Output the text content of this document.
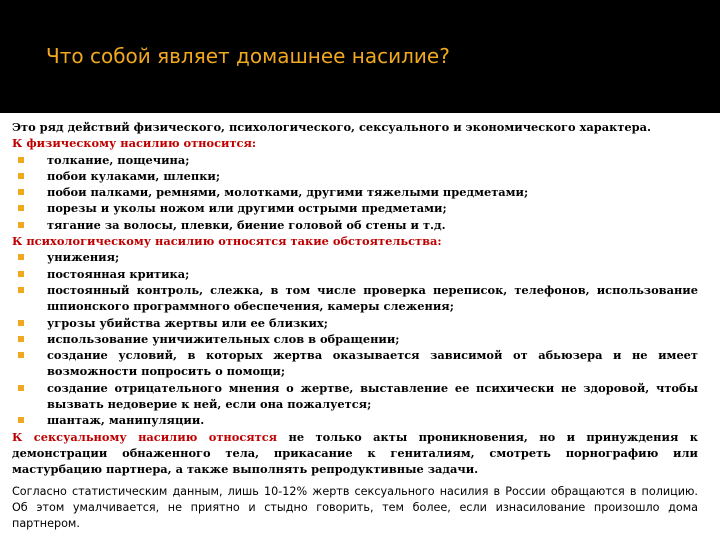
Что собой являет домашнее насилие?

Это ряд действий физического, психологического, сексуального и экономического характера.

К физическому насилию относится:

толкание, пощечина;
побои кулаками, шлепки;
побои палками, ремнями, молотками, другими тяжелыми предметами;
порезы и уколы ножом или другими острыми предметами;
тягание за волосы, плевки, биение головой об стены и т.д.

К психологическому насилию относятся такие обстоятельства:

унижения;
постоянная критика;
постоянный контроль, слежка, в том числе проверка переписок, телефонов, использование шпионского программного обеспечения, камеры слежения;
угрозы убийства жертвы или ее близких;
использование уничижительных слов в обращении;
создание условий, в которых жертва оказывается зависимой от абьюзера и не имеет возможности попросить о помощи;
создание отрицательного мнения о жертве, выставление ее психически не здоровой, чтобы вызвать недоверие к ней, если она пожалуется;
шантаж, манипуляции.

К сексуальному насилию относятся не только акты проникновения, но и принуждения к демонстрации обнаженного тела, прикасание к гениталиям, смотреть порнографию или мастурбацию партнера, а также выполнять репродуктивные задачи.

Согласно статистическим данным, лишь 10-12% жертв сексуального насилия в России обращаются в полицию. Об этом умалчивается, не приятно и стыдно говорить, тем более, если изнасилование произошло дома партнером.
